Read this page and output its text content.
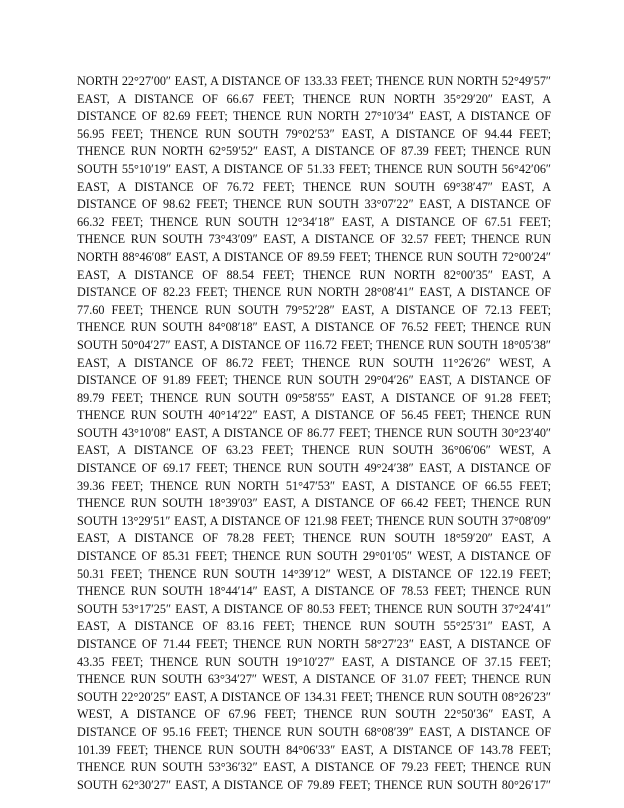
NORTH 22°27′00″ EAST, A DISTANCE OF 133.33 FEET; THENCE RUN NORTH 52°49′57″
EAST, A DISTANCE OF 66.67 FEET; THENCE RUN NORTH 35°29′20″ EAST, A
DISTANCE OF 82.69 FEET; THENCE RUN NORTH 27°10′34″ EAST, A DISTANCE OF
56.95 FEET; THENCE RUN SOUTH 79°02′53″ EAST, A DISTANCE OF 94.44 FEET;
THENCE RUN NORTH 62°59′52″ EAST, A DISTANCE OF 87.39 FEET; THENCE RUN
SOUTH 55°10′19″ EAST, A DISTANCE OF 51.33 FEET; THENCE RUN SOUTH 56°42′06″
EAST, A DISTANCE OF 76.72 FEET; THENCE RUN SOUTH 69°38′47″ EAST, A
DISTANCE OF 98.62 FEET; THENCE RUN SOUTH 33°07′22″ EAST, A DISTANCE OF
66.32 FEET; THENCE RUN SOUTH 12°34′18″ EAST, A DISTANCE OF 67.51 FEET;
THENCE RUN SOUTH 73°43′09″ EAST, A DISTANCE OF 32.57 FEET; THENCE RUN
NORTH 88°46′08″ EAST, A DISTANCE OF 89.59 FEET; THENCE RUN SOUTH 72°00′24″
EAST, A DISTANCE OF 88.54 FEET; THENCE RUN NORTH 82°00′35″ EAST, A
DISTANCE OF 82.23 FEET; THENCE RUN NORTH 28°08′41″ EAST, A DISTANCE OF
77.60 FEET; THENCE RUN SOUTH 79°52′28″ EAST, A DISTANCE OF 72.13 FEET;
THENCE RUN SOUTH 84°08′18″ EAST, A DISTANCE OF 76.52 FEET; THENCE RUN
SOUTH 50°04′27″ EAST, A DISTANCE OF 116.72 FEET; THENCE RUN SOUTH 18°05′38″
EAST, A DISTANCE OF 86.72 FEET; THENCE RUN SOUTH 11°26′26″ WEST, A
DISTANCE OF 91.89 FEET; THENCE RUN SOUTH 29°04′26″ EAST, A DISTANCE OF
89.79 FEET; THENCE RUN SOUTH 09°58′55″ EAST, A DISTANCE OF 91.28 FEET;
THENCE RUN SOUTH 40°14′22″ EAST, A DISTANCE OF 56.45 FEET; THENCE RUN
SOUTH 43°10′08″ EAST, A DISTANCE OF 86.77 FEET; THENCE RUN SOUTH 30°23′40″
EAST, A DISTANCE OF 63.23 FEET; THENCE RUN SOUTH 36°06′06″ WEST, A
DISTANCE OF 69.17 FEET; THENCE RUN SOUTH 49°24′38″ EAST, A DISTANCE OF
39.36 FEET; THENCE RUN NORTH 51°47′53″ EAST, A DISTANCE OF 66.55 FEET;
THENCE RUN SOUTH 18°39′03″ EAST, A DISTANCE OF 66.42 FEET; THENCE RUN
SOUTH 13°29′51″ EAST, A DISTANCE OF 121.98 FEET; THENCE RUN SOUTH 37°08′09″
EAST, A DISTANCE OF 78.28 FEET; THENCE RUN SOUTH 18°59′20″ EAST, A
DISTANCE OF 85.31 FEET; THENCE RUN SOUTH 29°01′05″ WEST, A DISTANCE OF
50.31 FEET; THENCE RUN SOUTH 14°39′12″ WEST, A DISTANCE OF 122.19 FEET;
THENCE RUN SOUTH 18°44′14″ EAST, A DISTANCE OF 78.53 FEET; THENCE RUN
SOUTH 53°17′25″ EAST, A DISTANCE OF 80.53 FEET; THENCE RUN SOUTH 37°24′41″
EAST, A DISTANCE OF 83.16 FEET; THENCE RUN SOUTH 55°25′31″ EAST, A
DISTANCE OF 71.44 FEET; THENCE RUN NORTH 58°27′23″ EAST, A DISTANCE OF
43.35 FEET; THENCE RUN SOUTH 19°10′27″ EAST, A DISTANCE OF 37.15 FEET;
THENCE RUN SOUTH 63°34′27″ WEST, A DISTANCE OF 31.07 FEET; THENCE RUN
SOUTH 22°20′25″ EAST, A DISTANCE OF 134.31 FEET; THENCE RUN SOUTH 08°26′23″
WEST, A DISTANCE OF 67.96 FEET; THENCE RUN SOUTH 22°50′36″ EAST, A
DISTANCE OF 95.16 FEET; THENCE RUN SOUTH 68°08′39″ EAST, A DISTANCE OF
101.39 FEET; THENCE RUN SOUTH 84°06′33″ EAST, A DISTANCE OF 143.78 FEET;
THENCE RUN SOUTH 53°36′32″ EAST, A DISTANCE OF 79.23 FEET; THENCE RUN
SOUTH 62°30′27″ EAST, A DISTANCE OF 79.89 FEET; THENCE RUN SOUTH 80°26′17″
